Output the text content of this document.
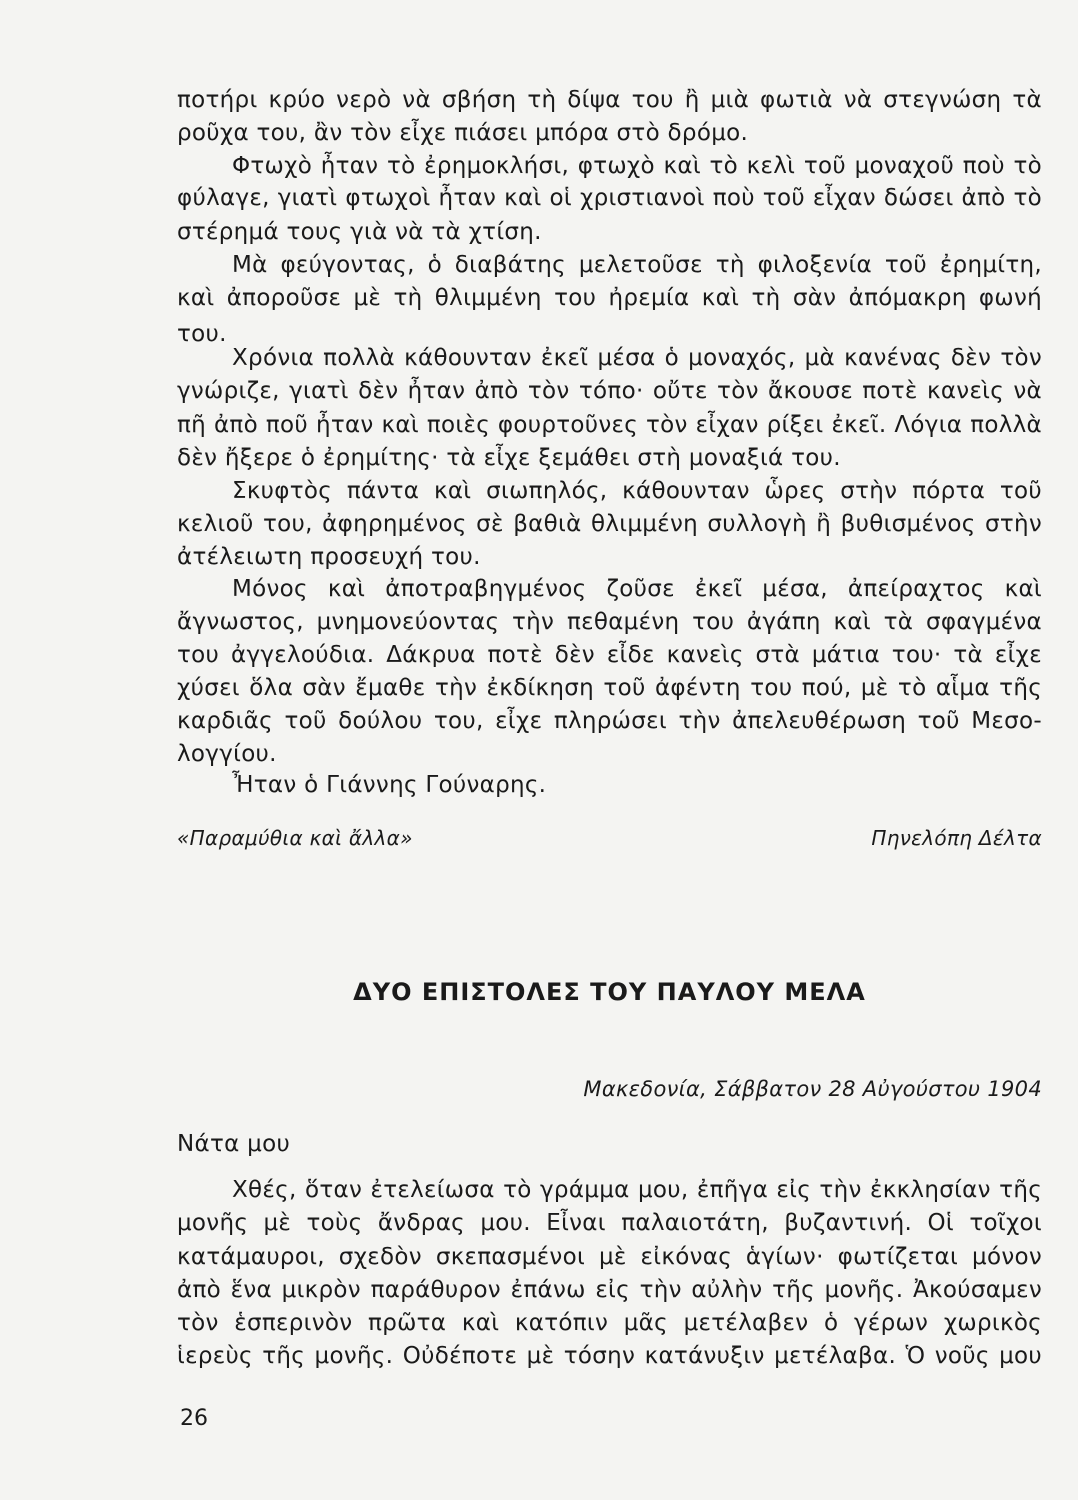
ποτήρι κρύο νερὸ νὰ σβήση τὴ δίψα του ἢ μιὰ φωτιὰ νὰ στεγνώση τὰ
ροῦχα του, ἂν τὸν εἶχε πιάσει μπόρα στὸ δρόμο.
Φτωχὸ ἦταν τὸ ἐρημοκλήσι, φτωχὸ καὶ τὸ κελὶ τοῦ μοναχοῦ ποὺ τὸ
φύλαγε, γιατὶ φτωχοὶ ἦταν καὶ οἱ χριστιανοὶ ποὺ τοῦ εἶχαν δώσει ἀπὸ τὸ
στέρημά τους γιὰ νὰ τὰ χτίση.
Μὰ φεύγοντας, ὁ διαβάτης μελετοῦσε τὴ φιλοξενία τοῦ ἐρημίτη,
καὶ ἀποροῦσε μὲ τὴ θλιμμένη του ἠρεμία καὶ τὴ σὰν ἀπόμακρη φωνή
του.
Χρόνια πολλὰ κάθουνταν ἐκεῖ μέσα ὁ μοναχός, μὰ κανένας δὲν τὸν
γνώριζε, γιατὶ δὲν ἦταν ἀπὸ τὸν τόπο· οὔτε τὸν ἄκουσε ποτὲ κανεὶς νὰ
πῆ ἀπὸ ποῦ ἦταν καὶ ποιὲς φουρτοῦνες τὸν εἶχαν ρίξει ἐκεῖ. Λόγια πολλὰ
δὲν ἤξερε ὁ ἐρημίτης· τὰ εἶχε ξεμάθει στὴ μοναξιά του.
Σκυφτὸς πάντα καὶ σιωπηλός, κάθουνταν ὧρες στὴν πόρτα τοῦ
κελιοῦ του, ἀφηρημένος σὲ βαθιὰ θλιμμένη συλλογὴ ἢ βυθισμένος στὴν
ἀτέλειωτη προσευχή του.
Μόνος καὶ ἀποτραβηγμένος ζοῦσε ἐκεῖ μέσα, ἀπείραχτος καὶ
ἄγνωστος, μνημονεύοντας τὴν πεθαμένη του ἀγάπη καὶ τὰ σφαγμένα
του ἀγγελούδια. Δάκρυα ποτὲ δὲν εἶδε κανεὶς στὰ μάτια του· τὰ εἶχε
χύσει ὅλα σὰν ἔμαθε τὴν ἐκδίκηση τοῦ ἀφέντη του πού, μὲ τὸ αἷμα τῆς
καρδιᾶς τοῦ δούλου του, εἶχε πληρώσει τὴν ἀπελευθέρωση τοῦ Μεσο-
λογγίου.
Ἦταν ὁ Γιάννης Γούναρης.
«Παραμύθια καὶ ἄλλα»	Πηνελόπη Δέλτα
ΔΥΟ ΕΠΙΣΤΟΛΕΣ ΤΟΥ ΠΑΥΛΟΥ ΜΕΛΑ
Μακεδονία, Σάββατον 28 Αὐγούστου 1904
Νάτα μου
Χθές, ὅταν ἐτελείωσα τὸ γράμμα μου, ἐπῆγα εἰς τὴν ἐκκλησίαν τῆς
μονῆς μὲ τοὺς ἄνδρας μου. Εἶναι παλαιοτάτη, βυζαντινή. Οἱ τοῖχοι
κατάμαυροι, σχεδὸν σκεπασμένοι μὲ εἰκόνας ἁγίων· φωτίζεται μόνον
ἀπὸ ἕνα μικρὸν παράθυρον ἐπάνω εἰς τὴν αὐλὴν τῆς μονῆς. Ἀκούσαμεν
τὸν ἑσπερινὸν πρῶτα καὶ κατόπιν μᾶς μετέλαβεν ὁ γέρων χωρικὸς
ἱερεὺς τῆς μονῆς. Οὐδέποτε μὲ τόσην κατάνυξιν μετέλαβα. Ὁ νοῦς μου
26
